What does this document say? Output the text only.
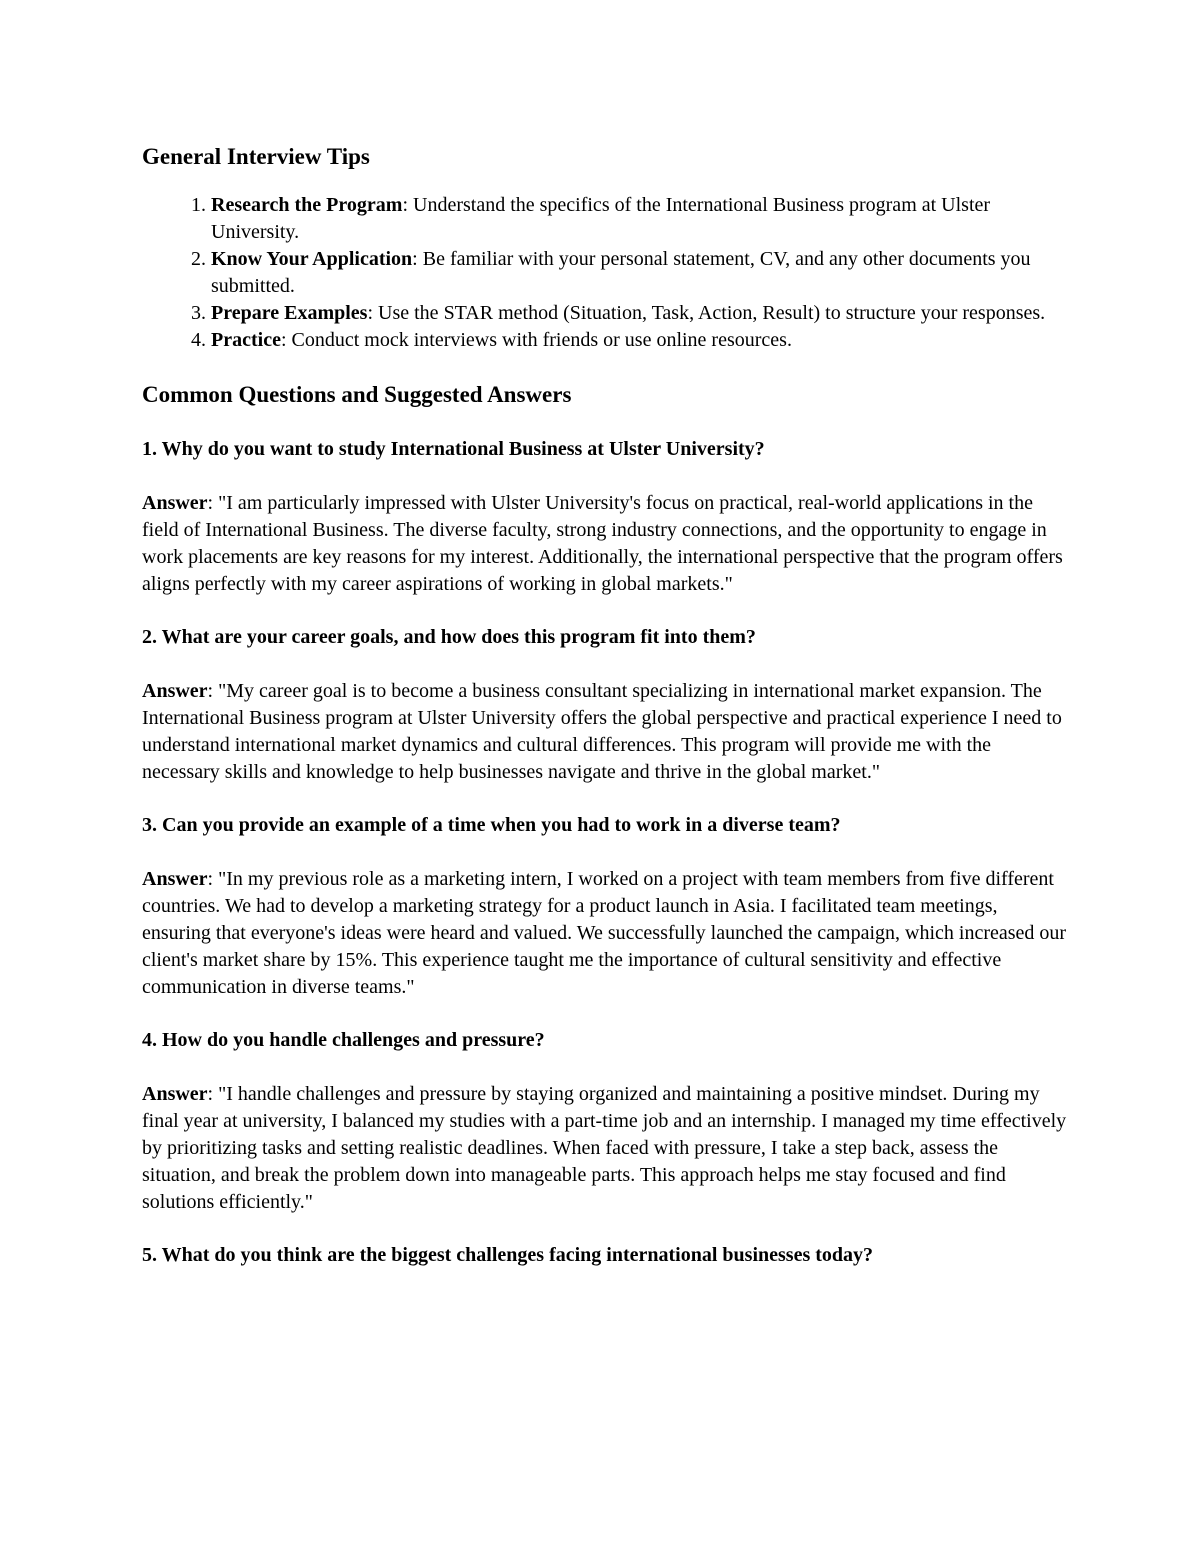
General Interview Tips
1. Research the Program: Understand the specifics of the International Business program at Ulster University.
2. Know Your Application: Be familiar with your personal statement, CV, and any other documents you submitted.
3. Prepare Examples: Use the STAR method (Situation, Task, Action, Result) to structure your responses.
4. Practice: Conduct mock interviews with friends or use online resources.
Common Questions and Suggested Answers

1. Why do you want to study International Business at Ulster University?

Answer: "I am particularly impressed with Ulster University's focus on practical, real-world applications in the field of International Business. The diverse faculty, strong industry connections, and the opportunity to engage in work placements are key reasons for my interest. Additionally, the international perspective that the program offers aligns perfectly with my career aspirations of working in global markets."

2. What are your career goals, and how does this program fit into them?

Answer: "My career goal is to become a business consultant specializing in international market expansion. The International Business program at Ulster University offers the global perspective and practical experience I need to understand international market dynamics and cultural differences. This program will provide me with the necessary skills and knowledge to help businesses navigate and thrive in the global market."

3. Can you provide an example of a time when you had to work in a diverse team?

Answer: "In my previous role as a marketing intern, I worked on a project with team members from five different countries. We had to develop a marketing strategy for a product launch in Asia. I facilitated team meetings, ensuring that everyone's ideas were heard and valued. We successfully launched the campaign, which increased our client's market share by 15%. This experience taught me the importance of cultural sensitivity and effective communication in diverse teams."

4. How do you handle challenges and pressure?

Answer: "I handle challenges and pressure by staying organized and maintaining a positive mindset. During my final year at university, I balanced my studies with a part-time job and an internship. I managed my time effectively by prioritizing tasks and setting realistic deadlines. When faced with pressure, I take a step back, assess the situation, and break the problem down into manageable parts. This approach helps me stay focused and find solutions efficiently."

5. What do you think are the biggest challenges facing international businesses today?
